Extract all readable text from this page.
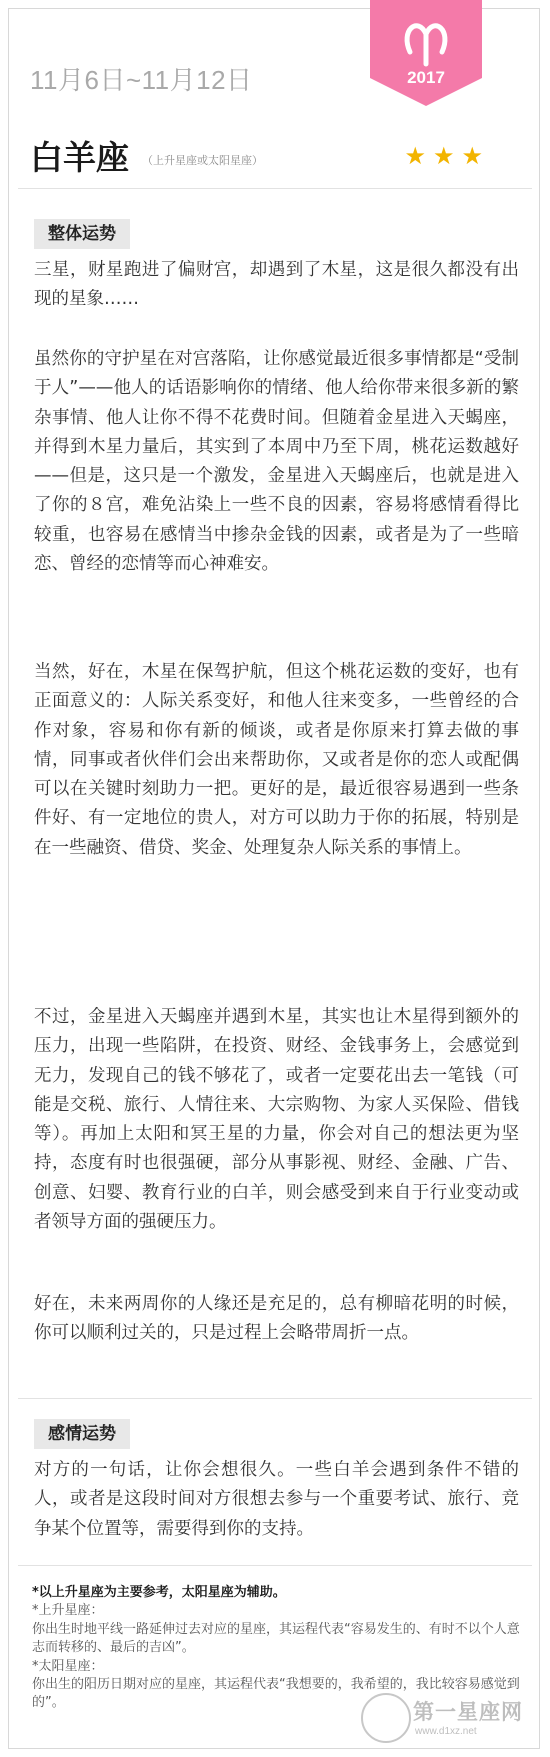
2017
11月6日~11月12日
白羊座 （上升星座或太阳星座）	★★★
整体运势

三星，财星跑进了偏财宫，却遇到了木星，这是很久都没有出现的星象……

虽然你的守护星在对宫落陷，让你感觉最近很多事情都是“受制于人”——他人的话语影响你的情绪、他人给你带来很多新的繁杂事情、他人让你不得不花费时间。但随着金星进入天蝎座，并得到木星力量后，其实到了本周中乃至下周，桃花运数越好——但是，这只是一个激发，金星进入天蝎座后，也就是进入了你的８宫，难免沾染上一些不良的因素，容易将感情看得比较重，也容易在感情当中掺杂金钱的因素，或者是为了一些暗恋、曾经的恋情等而心神难安。

当然，好在，木星在保驾护航，但这个桃花运数的变好，也有正面意义的：人际关系变好，和他人往来变多，一些曾经的合作对象，容易和你有新的倾谈，或者是你原来打算去做的事情，同事或者伙伴们会出来帮助你，又或者是你的恋人或配偶可以在关键时刻助力一把。更好的是，最近很容易遇到一些条件好、有一定地位的贵人，对方可以助力于你的拓展，特别是在一些融资、借贷、奖金、处理复杂人际关系的事情上。

不过，金星进入天蝎座并遇到木星，其实也让木星得到额外的压力，出现一些陷阱，在投资、财经、金钱事务上，会感觉到无力，发现自己的钱不够花了，或者一定要花出去一笔钱（可能是交税、旅行、人情往来、大宗购物、为家人买保险、借钱等）。再加上太阳和冥王星的力量，你会对自己的想法更为坚持，态度有时也很强硬，部分从事影视、财经、金融、广告、创意、妇婴、教育行业的白羊，则会感受到来自于行业变动或者领导方面的强硬压力。

好在，未来两周你的人缘还是充足的，总有柳暗花明的时候，你可以顺利过关的，只是过程上会略带周折一点。

感情运势

对方的一句话，让你会想很久。一些白羊会遇到条件不错的人，或者是这段时间对方很想去参与一个重要考试、旅行、竞争某个位置等，需要得到你的支持。

*以上升星座为主要参考，太阳星座为辅助。
*上升星座：
你出生时地平线一路延伸过去对应的星座，其运程代表“容易发生的、有时不以个人意志而转移的、最后的吉凶”。
*太阳星座：
你出生的阳历日期对应的星座，其运程代表“我想要的，我希望的，我比较容易感觉到的”。	第一星座网
www.d1xz.net
